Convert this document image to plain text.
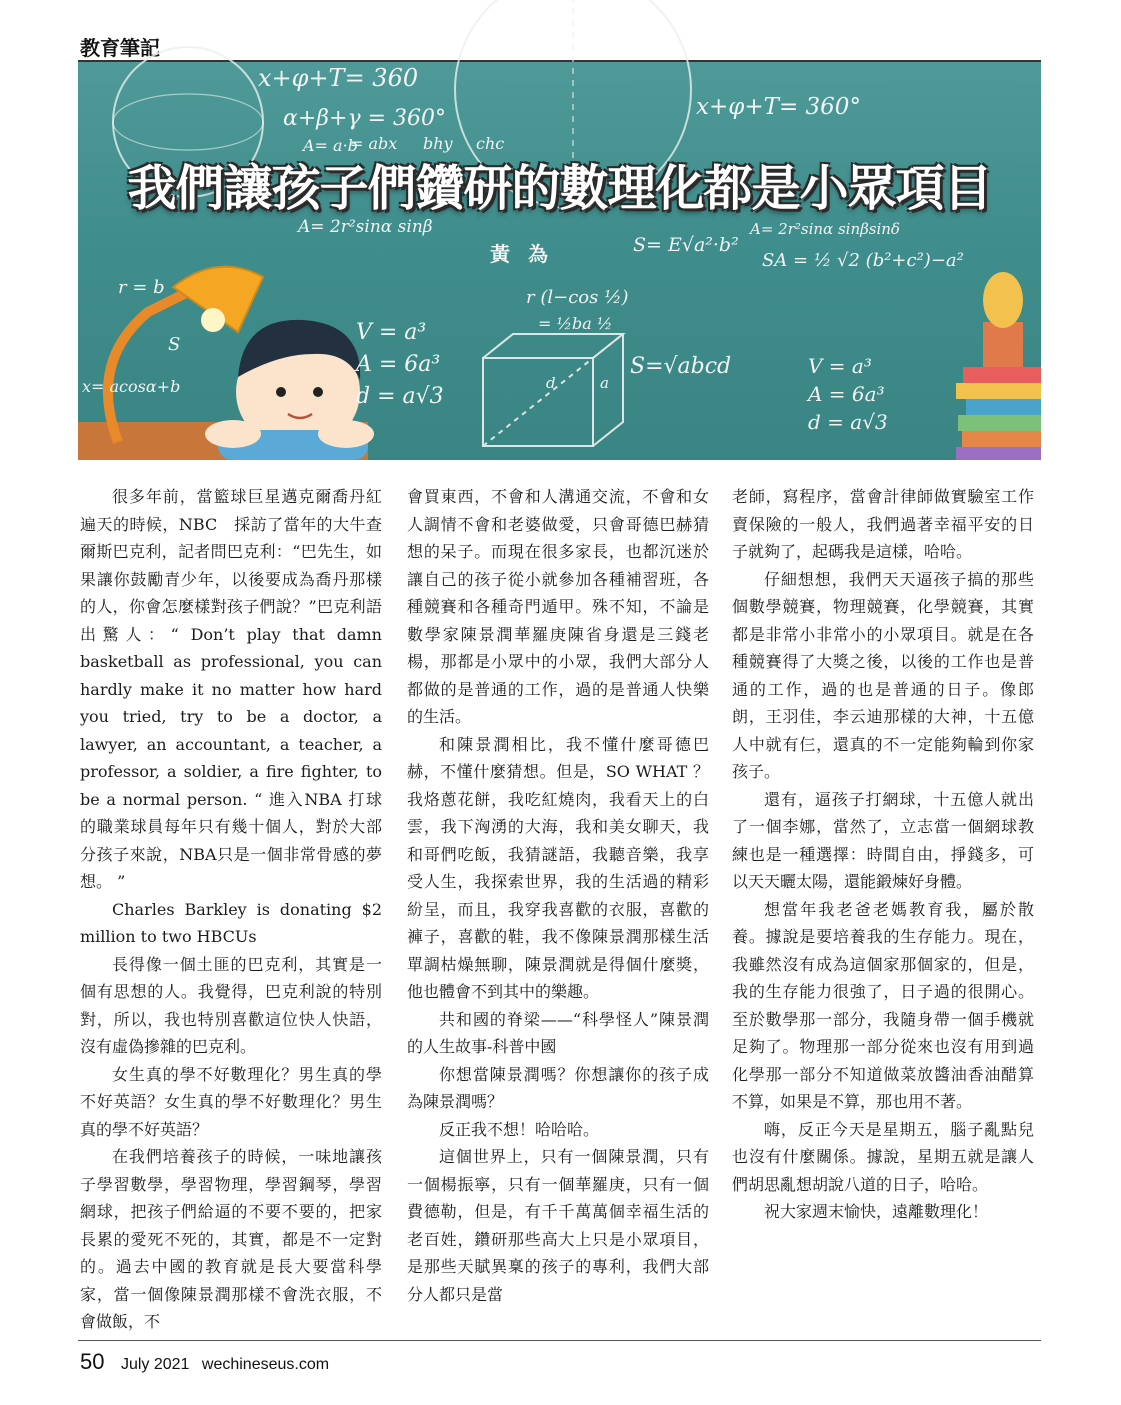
教育筆記
x+φ+T= 360
α+β+γ = 360°
A= a·b
A= 2r²sinα sinβ
V = a³
A = 6a³
d = a√3
r = b
S
x= acosα+b
= abx bhy chc
r (l−cos ½)
= ½ba ½
S=√abcd
d	a
S= E√a²·b²
x+φ+T= 360°
A= 2r²sinα sinβsinδ
SA = ½ √2 (b²+c²)−a²
V = a³
A = 6a³
d = a√3
我們讓孩子們鑽研的數理化都是小眾項目
黃為

很多年前，當籃球巨星邁克爾喬丹紅遍天的時候，NBC　採訪了當年的大牛查爾斯巴克利，記者問巴克利：“巴先生，如果讓你鼓勵青少年，以後要成為喬丹那樣的人，你會怎麼樣對孩子們說？”巴克利語出驚人：“ Don’t play that damn basketball as professional, you can hardly make it no matter how hard you tried, try to be a doctor, a lawyer, an accountant, a teacher, a professor, a soldier, a fire fighter, to be a normal person. “ 進入NBA 打球的職業球員每年只有幾十個人，對於大部分孩子來說，NBA只是一個非常骨感的夢想。 ”

Charles Barkley is donating $2 million to two HBCUs

長得像一個土匪的巴克利，其實是一個有思想的人。我覺得，巴克利說的特別對，所以，我也特別喜歡這位快人快語，沒有虛偽摻雜的巴克利。

女生真的學不好數理化？男生真的學不好英語？女生真的學不好數理化？男生真的學不好英語？

在我們培養孩子的時候，一味地讓孩子學習數學，學習物理，學習鋼琴，學習網球，把孩子們給逼的不要不要的，把家長累的愛死不死的，其實，都是不一定對的。過去中國的教育就是長大要當科學家，當一個像陳景潤那樣不會洗衣服，不會做飯，不

會買東西，不會和人溝通交流，不會和女人調情不會和老婆做愛，只會哥德巴赫猜想的呆子。而現在很多家長，也都沉迷於讓自己的孩子從小就參加各種補習班，各種競賽和各種奇門遁甲。殊不知，不論是數學家陳景潤華羅庚陳省身還是三錢老楊，那都是小眾中的小眾，我們大部分人都做的是普通的工作，過的是普通人快樂的生活。

和陳景潤相比，我不懂什麼哥德巴赫，不懂什麼猜想。但是，SO WHAT ？我烙蔥花餅，我吃紅燒肉，我看天上的白雲，我下洶湧的大海，我和美女聊天，我和哥們吃飯，我猜謎語，我聽音樂，我享受人生，我探索世界，我的生活過的精彩紛呈，而且，我穿我喜歡的衣服，喜歡的褲子，喜歡的鞋，我不像陳景潤那樣生活單調枯燥無聊，陳景潤就是得個什麼獎，他也體會不到其中的樂趣。

共和國的脊梁——“科學怪人”陳景潤的人生故事-科普中國

你想當陳景潤嗎？你想讓你的孩子成為陳景潤嗎？

反正我不想！哈哈哈。

這個世界上，只有一個陳景潤，只有一個楊振寧，只有一個華羅庚，只有一個費德勒，但是，有千千萬萬個幸福生活的老百姓，鑽研那些高大上只是小眾項目，是那些天賦異稟的孩子的專利，我們大部分人都只是當

老師，寫程序，當會計律師做實驗室工作賣保險的一般人，我們過著幸福平安的日子就夠了，起碼我是這樣，哈哈。

仔細想想，我們天天逼孩子搞的那些個數學競賽，物理競賽，化學競賽，其實都是非常小非常小的小眾項目。就是在各種競賽得了大獎之後，以後的工作也是普通的工作，過的也是普通的日子。像郎朗，王羽佳，李云迪那樣的大神，十五億人中就有仨，還真的不一定能夠輪到你家孩子。

還有，逼孩子打網球，十五億人就出了一個李娜，當然了，立志當一個網球教練也是一種選擇：時間自由，掙錢多，可以天天曬太陽，還能鍛煉好身體。

想當年我老爸老媽教育我，屬於散養。據說是要培養我的生存能力。現在，我雖然沒有成為這個家那個家的，但是，我的生存能力很強了，日子過的很開心。至於數學那一部分，我隨身帶一個手機就足夠了。物理那一部分從來也沒有用到過化學那一部分不知道做菜放醬油香油醋算不算，如果是不算，那也用不著。

嗨，反正今天是星期五，腦子亂點兒也沒有什麼關係。據說，星期五就是讓人們胡思亂想胡說八道的日子，哈哈。

祝大家週末愉快，遠離數理化！

50 July 2021 wechineseus.com
